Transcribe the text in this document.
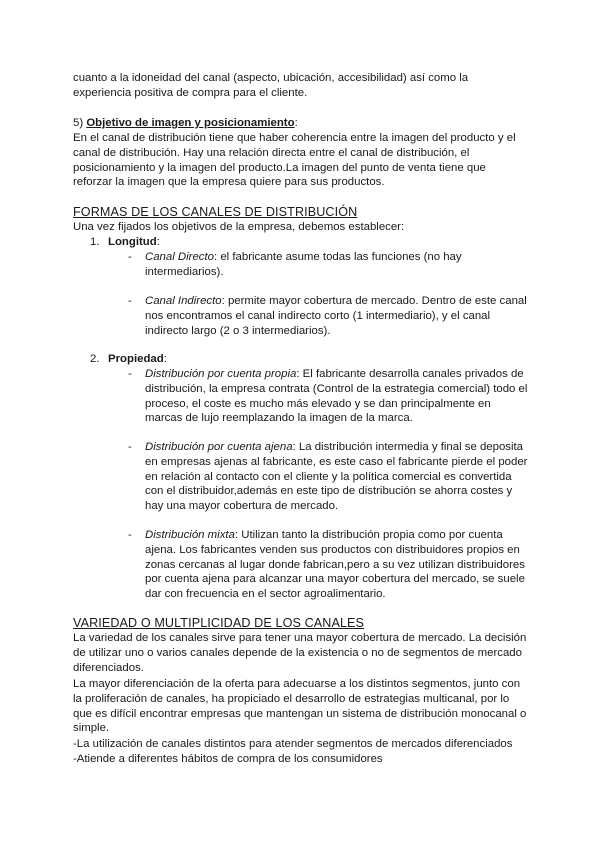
cuanto a la idoneidad del canal (aspecto, ubicación, accesibilidad) así como la experiencia positiva de compra para el cliente.

5) Objetivo de imagen y posicionamiento:

En el canal de distribución tiene que haber coherencia entre la imagen del producto y el canal de distribución. Hay una relación directa entre el canal de distribución, el posicionamiento y la imagen del producto.La imagen del punto de venta tiene que reforzar la imagen que la empresa quiere para sus productos.

FORMAS DE LOS CANALES DE DISTRIBUCIÓN

Una vez fijados los objetivos de la empresa, debemos establecer:

1. Longitud:

- Canal Directo: el fabricante asume todas las funciones (no hay intermediarios).

- Canal Indirecto: permite mayor cobertura de mercado. Dentro de este canal nos encontramos el canal indirecto corto (1 intermediario), y el canal indirecto largo (2 o 3 intermediarios).

2. Propiedad:

- Distribución por cuenta propia: El fabricante desarrolla canales privados de distribución, la empresa contrata (Control de la estrategia comercial) todo el proceso, el coste es mucho más elevado y se dan principalmente en marcas de lujo reemplazando la imagen de la marca.

- Distribución por cuenta ajena: La distribución intermedia y final se deposita en empresas ajenas al fabricante, es este caso el fabricante pierde el poder en relación al contacto con el cliente y la política comercial es convertida con el distribuidor,además en este tipo de distribución se ahorra costes y hay una mayor cobertura de mercado.

- Distribución mixta: Utilizan tanto la distribución propia como por cuenta ajena. Los fabricantes venden sus productos con distribuidores propios en zonas cercanas al lugar donde fabrican,pero a su vez utilizan distribuidores por cuenta ajena para alcanzar una mayor cobertura del mercado, se suele dar con frecuencia en el sector agroalimentario.

VARIEDAD O MULTIPLICIDAD DE LOS CANALES

La variedad de los canales sirve para tener una mayor cobertura de mercado. La decisión de utilizar uno o varios canales depende de la existencia o no de segmentos de mercado diferenciados.

La mayor diferenciación de la oferta para adecuarse a los distintos segmentos, junto con la proliferación de canales, ha propiciado el desarrollo de estrategias multicanal, por lo que es difícil encontrar empresas que mantengan un sistema de distribución monocanal o simple.

-La utilización de canales distintos para atender segmentos de mercados diferenciados

-Atiende a diferentes hábitos de compra de los consumidores
